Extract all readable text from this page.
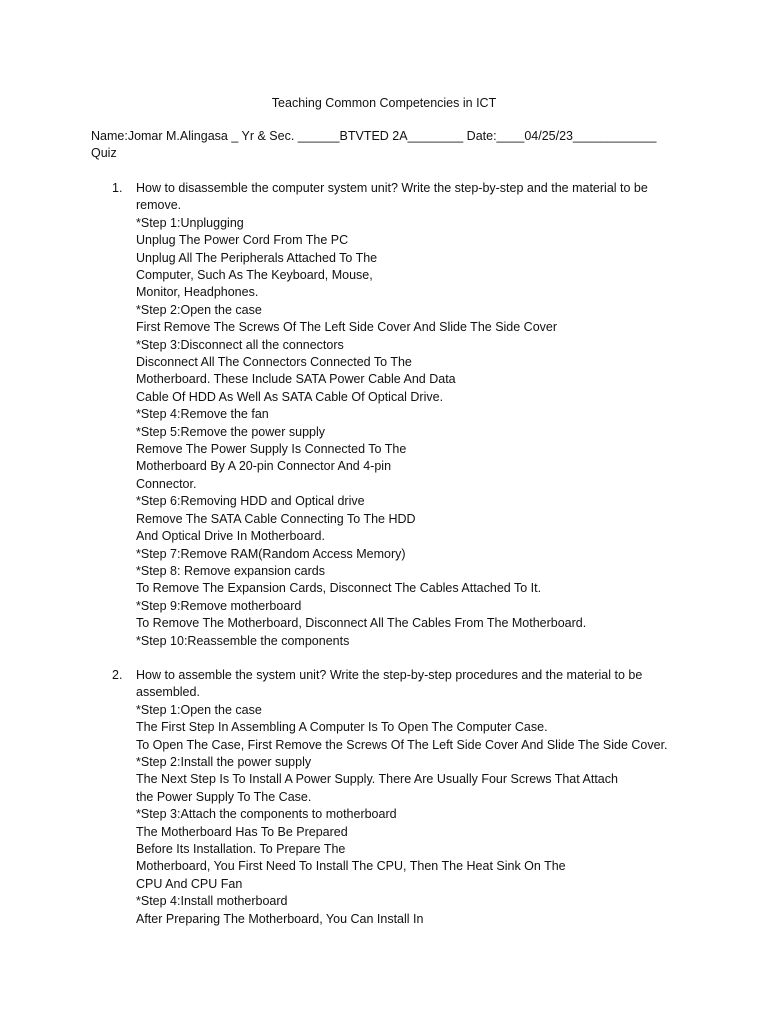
Teaching Common Competencies in ICT
Name:Jomar M.Alingasa _ Yr & Sec. ______BTVTED 2A________ Date:____04/25/23____________
Quiz
1. How to disassemble the computer system unit? Write the step-by-step and the material to be remove.
*Step 1:Unplugging
Unplug The Power Cord From The PC
Unplug All The Peripherals Attached To The
Computer, Such As The Keyboard, Mouse,
Monitor, Headphones.
*Step 2:Open the case
First Remove The Screws Of The Left Side Cover And Slide The Side Cover
*Step 3:Disconnect all the connectors
Disconnect All The Connectors Connected To The
Motherboard. These Include SATA Power Cable And Data
Cable Of HDD As Well As SATA Cable Of Optical Drive.
*Step 4:Remove the fan
*Step 5:Remove the power supply
Remove The Power Supply Is Connected To The
Motherboard By A 20-pin Connector And 4-pin
Connector.
*Step 6:Removing HDD and Optical drive
Remove The SATA Cable Connecting To The HDD
And Optical Drive In Motherboard.
*Step 7:Remove RAM(Random Access Memory)
*Step 8: Remove expansion cards
To Remove The Expansion Cards, Disconnect The Cables Attached To It.
*Step 9:Remove motherboard
To Remove The Motherboard, Disconnect All The Cables From The Motherboard.
*Step 10:Reassemble the components
2. How to assemble the system unit? Write the step-by-step procedures and the material to be assembled.
*Step 1:Open the case
The First Step In Assembling A Computer Is To Open The Computer Case.
To Open The Case, First Remove the Screws Of The Left Side Cover And Slide The Side Cover.
*Step 2:Install the power supply
The Next Step Is To Install A Power Supply. There Are Usually Four Screws That Attach
the Power Supply To The Case.
*Step 3:Attach the components to motherboard
The Motherboard Has To Be Prepared
Before Its Installation. To Prepare The
Motherboard, You First Need To Install The CPU, Then The Heat Sink On The
CPU And CPU Fan
*Step 4:Install motherboard
After Preparing The Motherboard, You Can Install In
